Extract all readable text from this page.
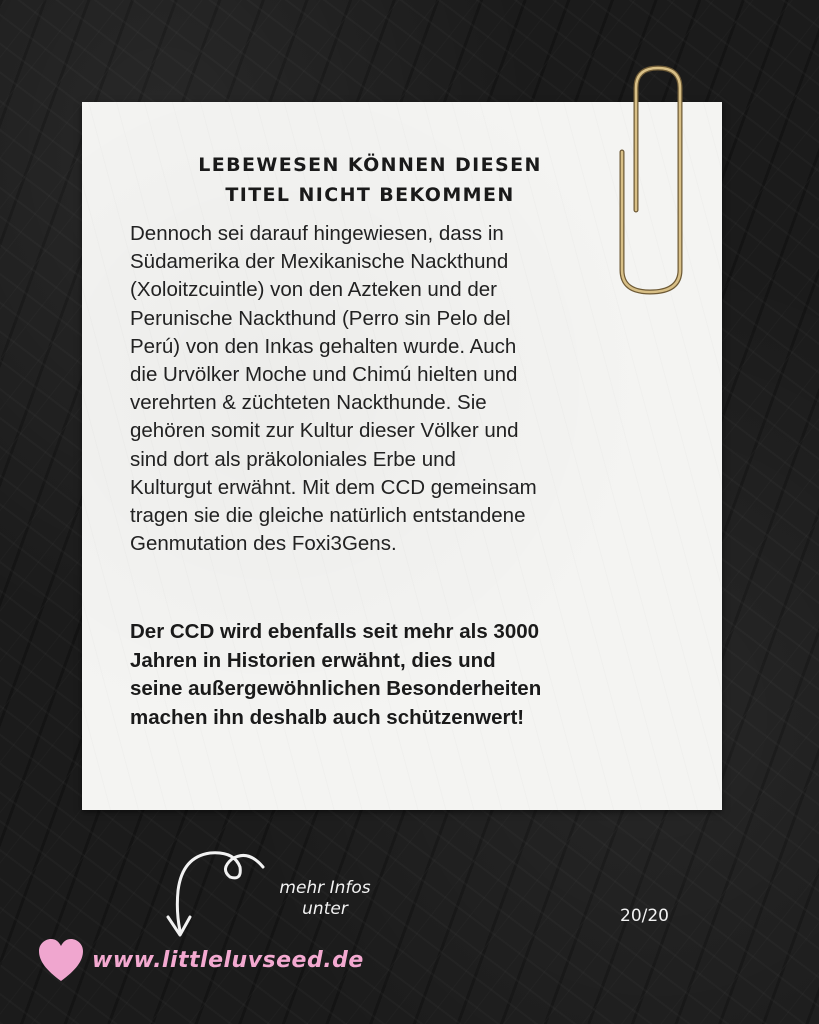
LEBEWESEN KÖNNEN DIESEN
TITEL NICHT BEKOMMEN

Dennoch sei darauf hingewiesen, dass in
Südamerika der Mexikanische Nackthund
(Xoloitzcuintle) von den Azteken und der
Perunische Nackthund (Perro sin Pelo del
Perú) von den Inkas gehalten wurde. Auch
die Urvölker Moche und Chimú hielten und
verehrten & züchteten Nackthunde. Sie
gehören somit zur Kultur dieser Völker und
sind dort als präkoloniales Erbe und
Kulturgut erwähnt. Mit dem CCD gemeinsam
tragen sie die gleiche natürlich entstandene
Genmutation des Foxi3Gens.

Der CCD wird ebenfalls seit mehr als 3000
Jahren in Historien erwähnt, dies und
seine außergewöhnlichen Besonderheiten
machen ihn deshalb auch schützenwert!

mehr Infos
unter	20/20
www.littleluvseed.de
